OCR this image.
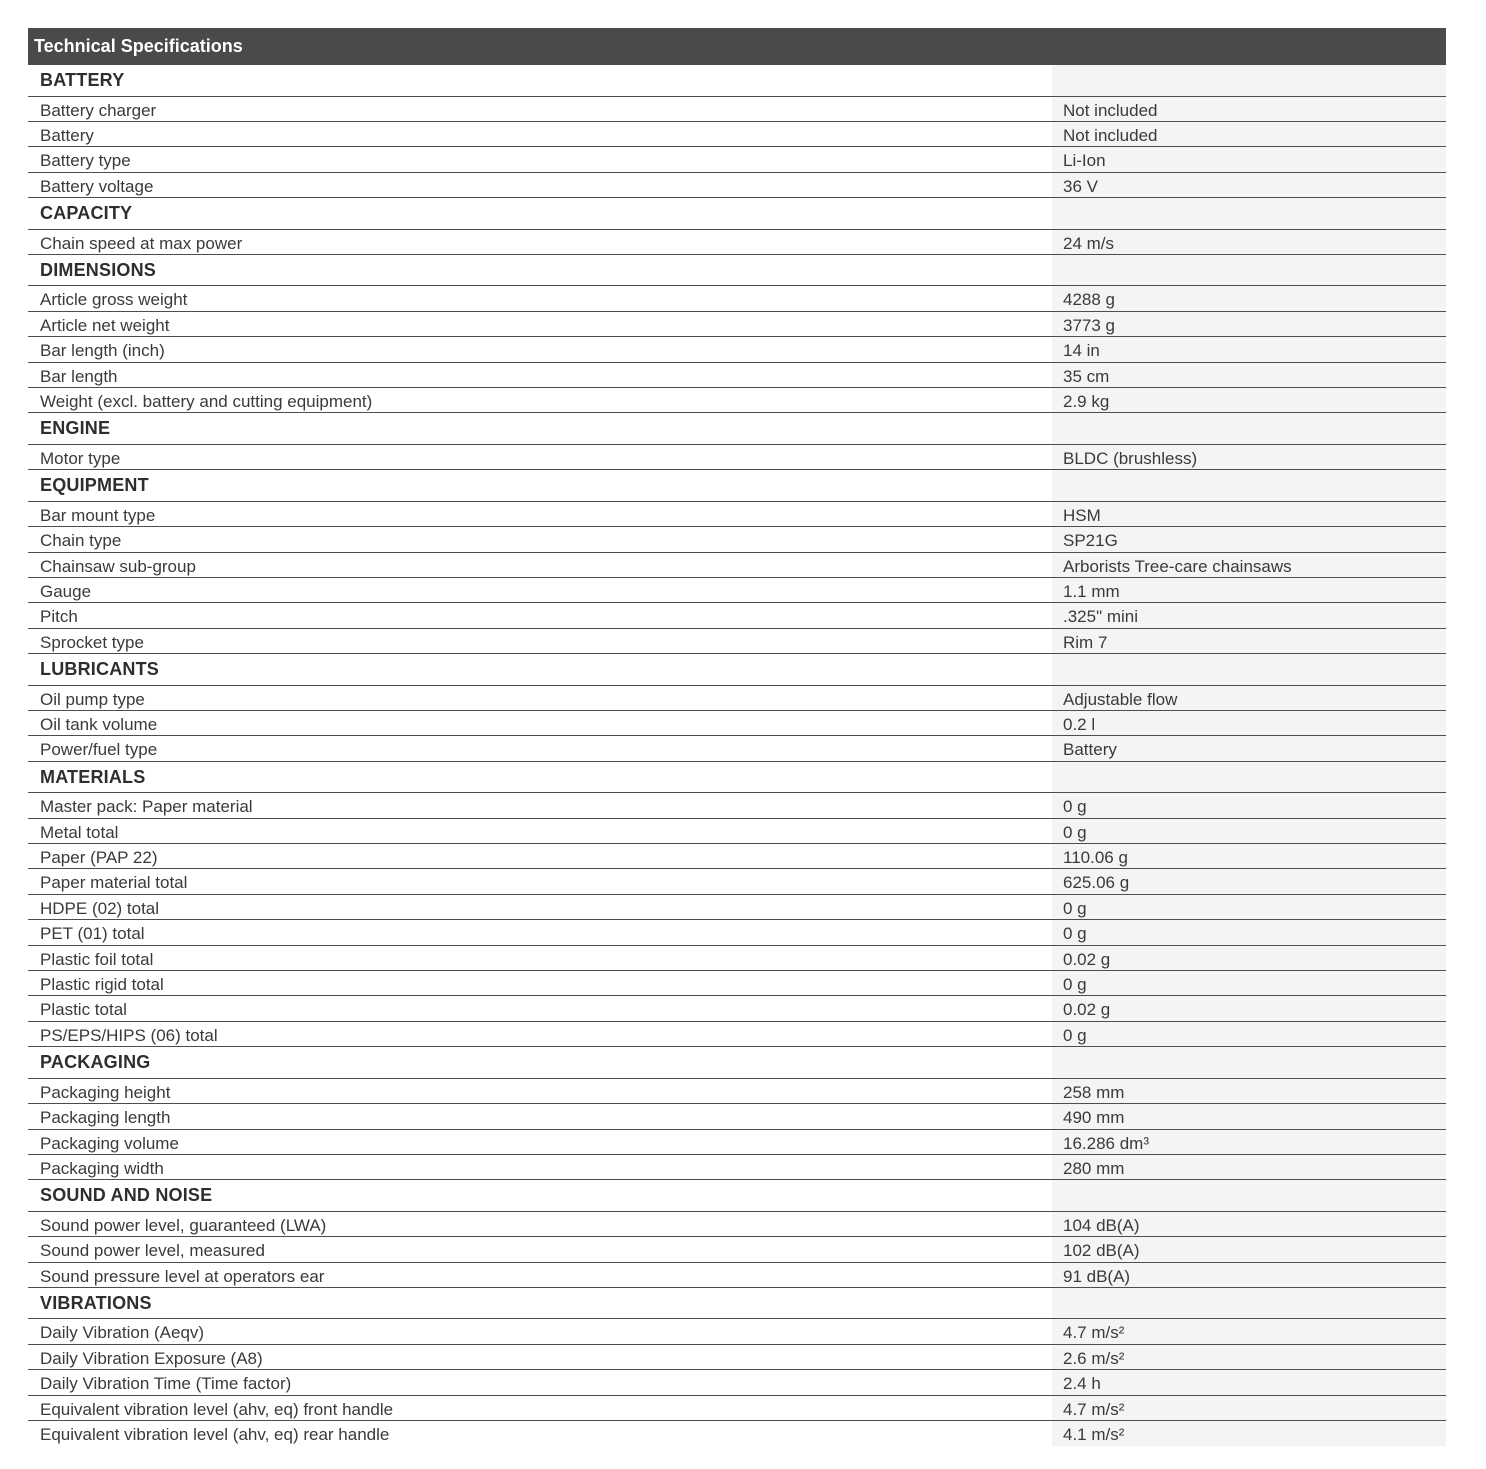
Technical Specifications
BATTERY
Battery charger	Not included
Battery	Not included
Battery type	Li-Ion
Battery voltage	36 V
CAPACITY
Chain speed at max power	24 m/s
DIMENSIONS
Article gross weight	4288 g
Article net weight	3773 g
Bar length (inch)	14 in
Bar length	35 cm
Weight (excl. battery and cutting equipment)	2.9 kg
ENGINE
Motor type	BLDC (brushless)
EQUIPMENT
Bar mount type	HSM
Chain type	SP21G
Chainsaw sub-group	Arborists Tree-care chainsaws
Gauge	1.1 mm
Pitch	.325" mini
Sprocket type	Rim 7
LUBRICANTS
Oil pump type	Adjustable flow
Oil tank volume	0.2 l
Power/fuel type	Battery
MATERIALS
Master pack: Paper material	0 g
Metal total	0 g
Paper (PAP 22)	110.06 g
Paper material total	625.06 g
HDPE (02) total	0 g
PET (01) total	0 g
Plastic foil total	0.02 g
Plastic rigid total	0 g
Plastic total	0.02 g
PS/EPS/HIPS (06) total	0 g
PACKAGING
Packaging height	258 mm
Packaging length	490 mm
Packaging volume	16.286 dm³
Packaging width	280 mm
SOUND AND NOISE
Sound power level, guaranteed (LWA)	104 dB(A)
Sound power level, measured	102 dB(A)
Sound pressure level at operators ear	91 dB(A)
VIBRATIONS
Daily Vibration (Aeqv)	4.7 m/s²
Daily Vibration Exposure (A8)	2.6 m/s²
Daily Vibration Time (Time factor)	2.4 h
Equivalent vibration level (ahv, eq) front handle	4.7 m/s²
Equivalent vibration level (ahv, eq) rear handle	4.1 m/s²
